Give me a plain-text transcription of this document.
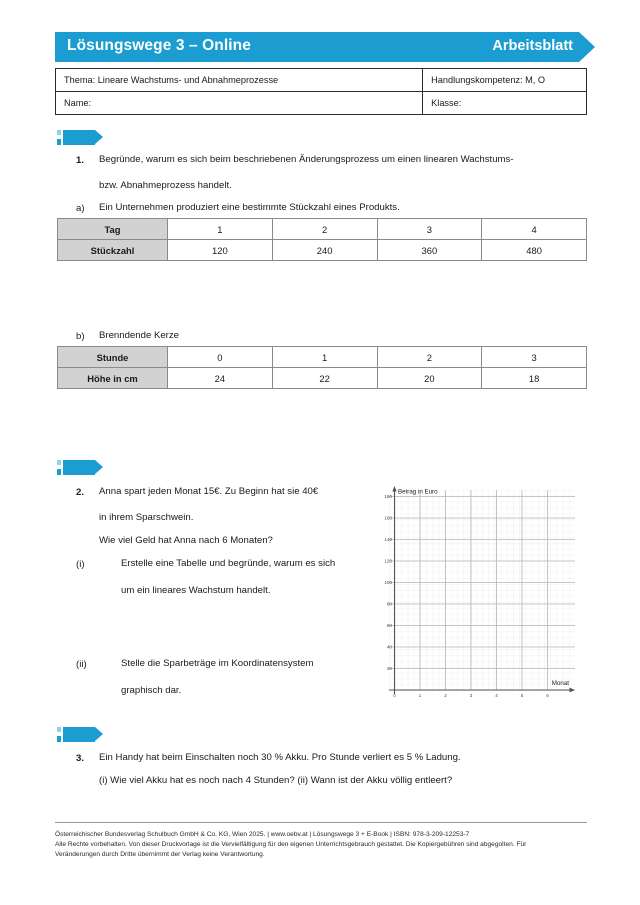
Lösungswege 3 – Online	Arbeitsblatt
Thema: Lineare Wachstums- und Abnahmeprozesse	Handlungskompetenz: M, O
Name:	Klasse:
1. Begründe, warum es sich beim beschriebenen Änderungsprozess um einen linearen Wachstums-
bzw. Abnahmeprozess handelt.
a) Ein Unternehmen produziert eine bestimmte Stückzahl eines Produkts.
Tag	1	2	3	4
Stückzahl	120	240	360	480
b) Brenndende Kerze
Stunde	0	1	2	3
Höhe in cm	24	22	20	18
2. Anna spart jeden Monat 15€. Zu Beginn hat sie 40€
in ihrem Sparschwein.
Wie viel Geld hat Anna nach 6 Monaten?
(i)	Erstelle eine Tabelle und begründe, warum es sich
um ein lineares Wachstum handelt.
(ii)	Stelle die Sparbeträge im Koordinatensystem
graphisch dar.
180
160
140
120
100
80
60
40
20
0	1	2	3	4	5	6
Betrag in Euro
Monat
3. Ein Handy hat beim Einschalten noch 30 % Akku. Pro Stunde verliert es 5 % Ladung.
(i) Wie viel Akku hat es noch nach 4 Stunden? (ii) Wann ist der Akku völlig entleert?
Österreichischer Bundesverlag Schulbuch GmbH & Co. KG, Wien 2025. | www.oebv.at | Lösungswege 3 + E-Book | ISBN: 978-3-209-12253-7
Alle Rechte vorbehalten. Von dieser Druckvorlage ist die Vervielfältigung für den eigenen Unterrichtsgebrauch gestattet. Die Kopiergebühren sind abgegolten. Für
Veränderungen durch Dritte übernimmt der Verlag keine Verantwortung.
